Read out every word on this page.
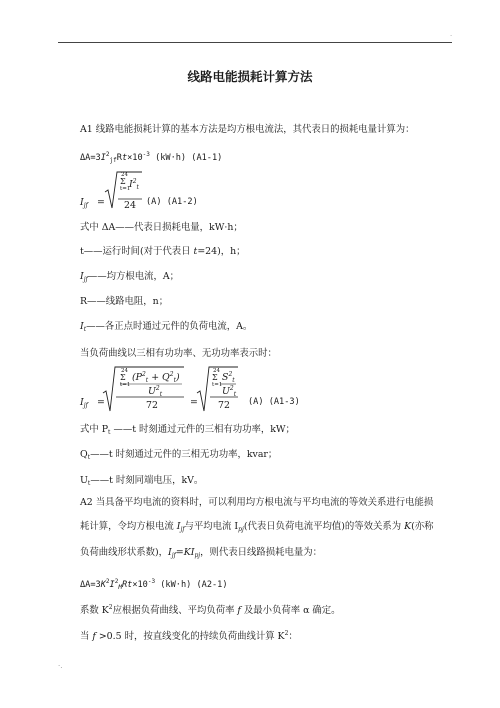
·
线路电能损耗计算方法
A1 线路电能损耗计算的基本方法是均方根电流法，其代表日的损耗电量计算为：
$\Delta A=3I^2_{jf}Rt\times 10^{-3}$ (kW·h) (A1-1)
$I_{jf}$ =
24
Σ
t=1
$I^2_t$
24 (A) (A1-2)
式中 ΔA——代表日损耗电量，kW·h；
t——运行时间(对于代表日 t=24)，h；
$I_{jf}——$均方根电流，A；
R——线路电阻，n；
$I_t——$各正点时通过元件的负荷电流，A。
当负荷曲线以三相有功功率、无功功率表示时：
$I_{jf}$ =
24
Σ
t=1
$(P^2_t + Q^2_t)$
$U^2_t$
72	=
24
Σ
t=1
$S^2_t$
$U^2_t$
72 (A) (A1-3)
式中 $P_t$ ——t 时刻通过元件的三相有功功率，kW；
$Q_t——t$ 时刻通过元件的三相无功功率，kvar；
$U_t——t$ 时刻同端电压，kV。
A2 当具备平均电流的资料时，可以利用均方根电流与平均电流的等效关系进行电能损耗计算，令均方根电流 $I_{jf}$与平均电流 $I_{pj}$(代表日负荷电流平均值)的等效关系为 K(亦称负荷曲线形状系数)，$I_{jf}=KI_{pj}$，则代表日线路损耗电量为：
$\Delta A=3K^2I^2_MRt\times 10^{-3}$ (kW·h) (A2-1)
系数 $K^2$应根据负荷曲线、平均负荷率 f 及最小负荷率 α 确定。
当 f >0.5 时，按直线变化的持续负荷曲线计算 $K^2$：
·.
